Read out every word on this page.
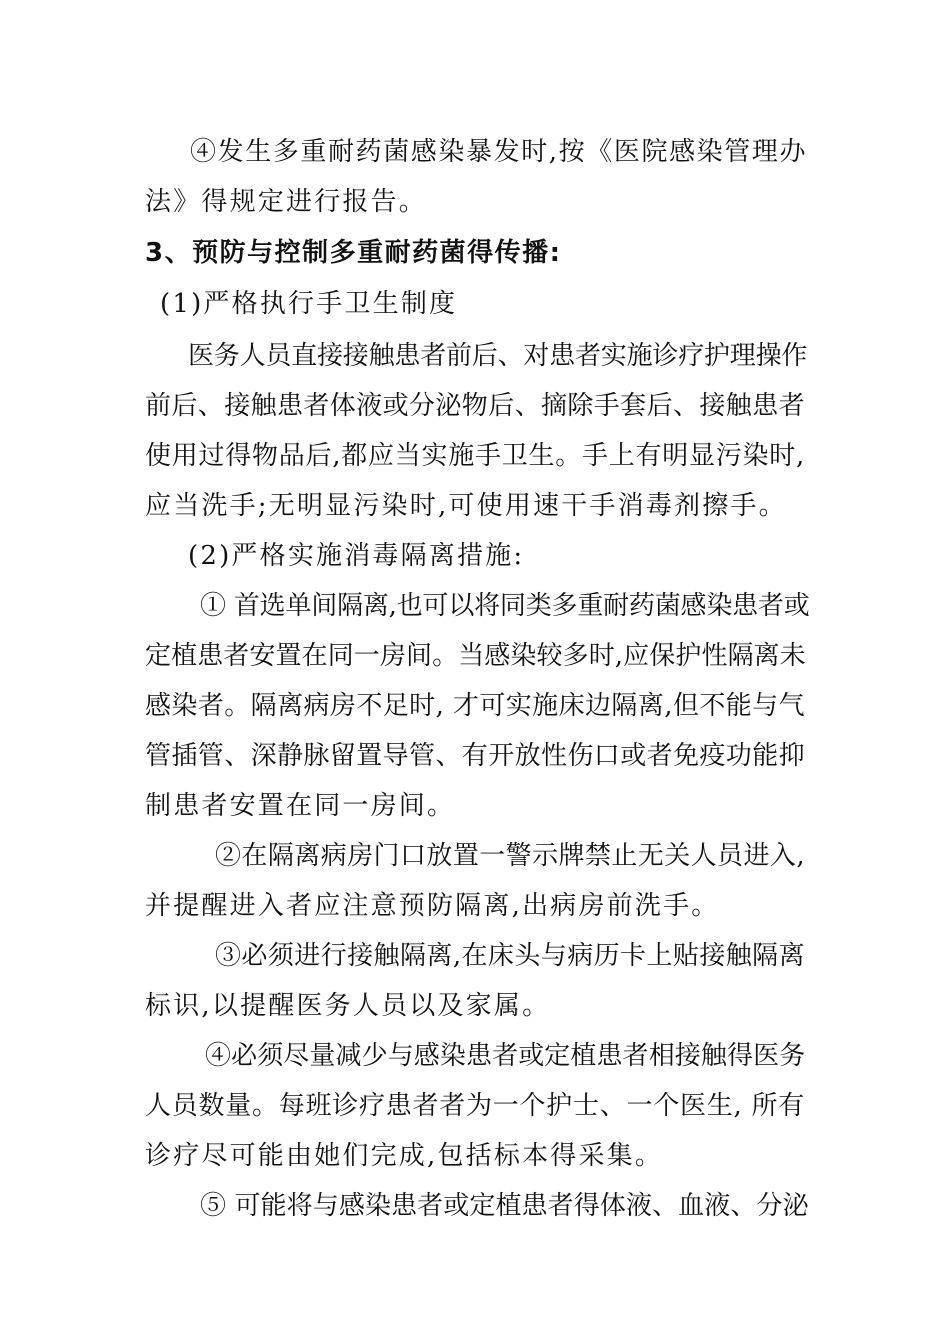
④发生多重耐药菌感染暴发时,按《医院感染管理办
法》得规定进行报告。
3、预防与控制多重耐药菌得传播:
(1)严格执行手卫生制度
医务人员直接接触患者前后、对患者实施诊疗护理操作
前后、接触患者体液或分泌物后、摘除手套后、接触患者
使用过得物品后,都应当实施手卫生。手上有明显污染时,
应当洗手;无明显污染时,可使用速干手消毒剂擦手。
(2)严格实施消毒隔离措施:
① 首选单间隔离,也可以将同类多重耐药菌感染患者或
定植患者安置在同一房间。当感染较多时,应保护性隔离未
感染者。隔离病房不足时, 才可实施床边隔离,但不能与气
管插管、深静脉留置导管、有开放性伤口或者免疫功能抑
制患者安置在同一房间。
②在隔离病房门口放置一警示牌禁止无关人员进入,
并提醒进入者应注意预防隔离,出病房前洗手。
③必须进行接触隔离,在床头与病历卡上贴接触隔离
标识,以提醒医务人员以及家属。
④必须尽量减少与感染患者或定植患者相接触得医务
人员数量。每班诊疗患者者为一个护士、一个医生, 所有
诊疗尽可能由她们完成,包括标本得采集。
⑤ 可能将与感染患者或定植患者得体液、血液、分泌
